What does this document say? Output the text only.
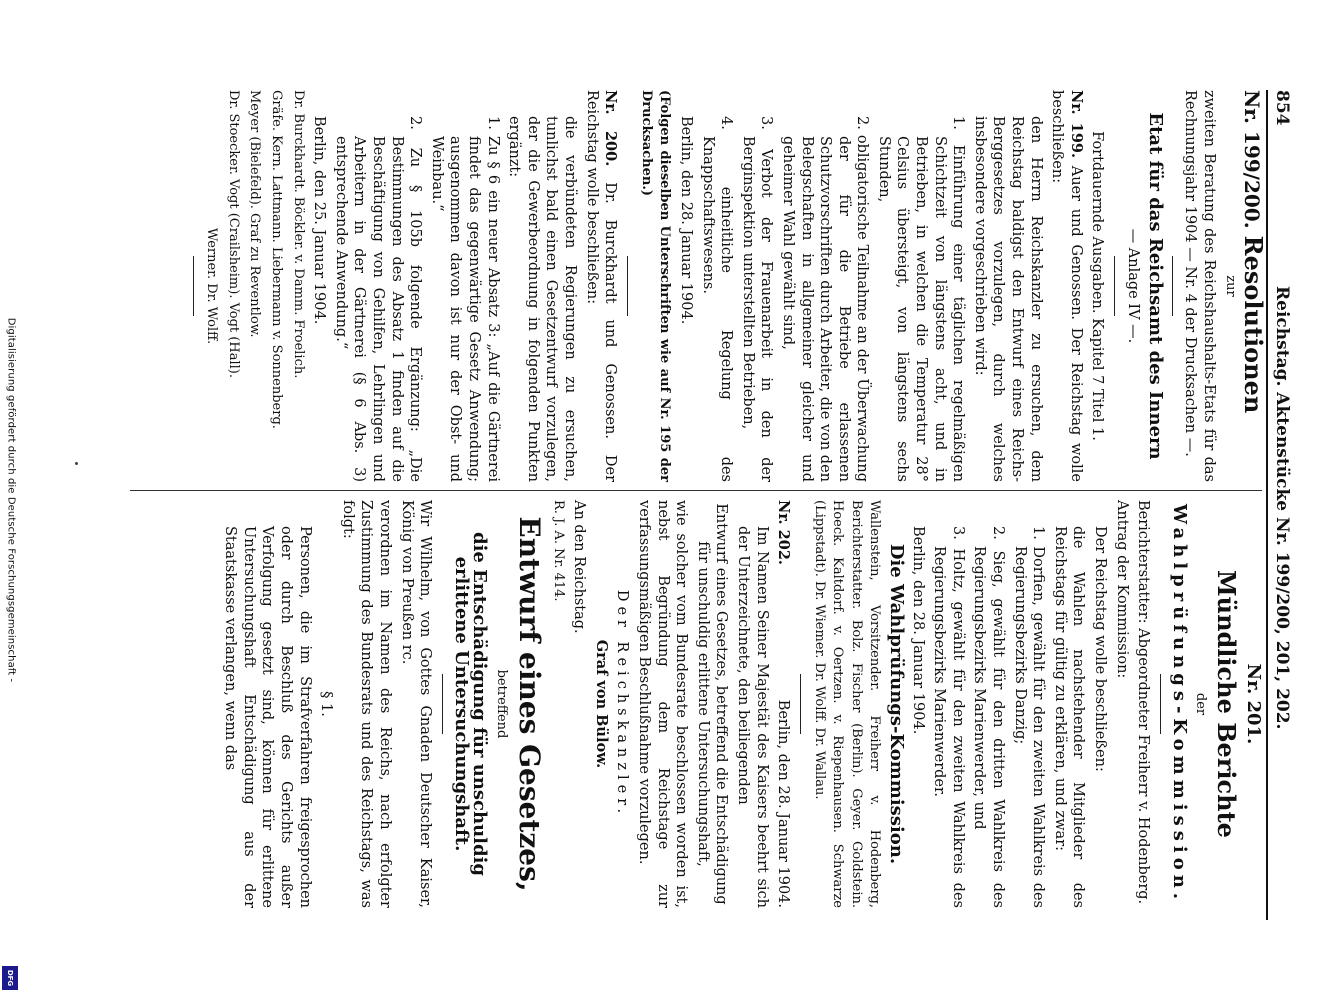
Digitalisierung gefördert durch die Deutsche Forschungsgemeinschaft -
DFG
854
Reichstag. Aktenstücke Nr. 199/200, 201, 202.

Nr. 199/200. Resolutionen

zur

zweiten Beratung des Reichshaushalts-Etats für das Rechnungsjahr 1904 — Nr. 4 der Drucksachen —.

Etat für das Reichsamt des Innern

— Anlage IV —.

Fortdauernde Ausgaben. Kapitel 7 Titel 1.

Nr. 199. Auer und Genossen. Der Reichstag wolle beschließen:

den Herrn Reichskanzler zu ersuchen, dem Reichstag baldigst den Entwurf eines Reichs-Berggesetzes vorzulegen, durch welches insbesondere vorgeschrieben wird:

1. Einführung einer täglichen regelmäßigen Schichtzeit von längstens acht, und in Betrieben, in welchen die Temperatur 28° Celsius übersteigt, von längstens sechs Stunden,

2. obligatorische Teilnahme an der Überwachung der für die Betriebe erlassenen Schutzvorschriften durch Arbeiter, die von den Belegschaften in allgemeiner gleicher und geheimer Wahl gewählt sind,

3. Verbot der Frauenarbeit in den der Berginspektion unterstellten Betrieben,

4. einheitliche Regelung des Knappschaftswesens.

Berlin, den 28. Januar 1904.

(Folgen dieselben Unterschriften wie auf Nr. 195 der Drucksachen.)

Nr. 200. Dr. Burckhardt und Genossen. Der Reichstag wolle beschließen:

die verbündeten Regierungen zu ersuchen, tunlichst bald einen Gesetzentwurf vorzulegen, der die Gewerbeordnung in folgenden Punkten ergänzt:

1. Zu § 6 ein neuer Absatz 3: „Auf die Gärtnerei findet das gegenwärtige Gesetz Anwendung; ausgenommen davon ist nur der Obst- und Weinbau.“

2. Zu § 105b folgende Ergänzung: „Die Bestimmungen des Absatz 1 finden auf die Beschäftigung von Gehilfen, Lehrlingen und Arbeitern in der Gärtnerei (§ 6 Abs. 3) entsprechende Anwendung.“

Berlin, den 25. Januar 1904.

Dr. Burckhardt. Böckler. v. Damm. Froelich.

Gräfe. Kern. Lattmann. Liebermann v. Sonnenberg.

Meyer (Bielefeld). Graf zu Reventlow.

Dr. Stoecker. Vogt (Crailsheim). Vogt (Hall).

Werner. Dr. Wolff.

Nr. 201.

Mündliche Berichte

der

Wahlprüfungs-Kommission.

Berichterstatter: Abgeordneter Freiherr v. Hodenberg.

Antrag der Kommission:

Der Reichstag wolle beschließen:

die Wahlen nachstehender Mitglieder des Reichstags für gültig zu erklären, und zwar:

1. Dorfien, gewählt für den zweiten Wahlkreis des Regierungsbezirks Danzig;

2. Sieg, gewählt für den dritten Wahlkreis des Regierungsbezirks Marienwerder, und

3. Holtz, gewählt für den zweiten Wahlkreis des Regierungsbezirks Marienwerder.

Berlin, den 28. Januar 1904.

Die Wahlprüfungs-Kommission.

Wallenstein, Vorsitzender. Freiherr v. Hodenberg, Berichterstatter. Bolz. Fischer (Berlin). Geyer. Goldstein. Hoeck. Kaltdorf. v. Oertzen. v. Riepenhausen. Schwarze (Lippstadt). Dr. Wiemer. Dr. Wolff. Dr. Wallau.

Nr. 202.
Berlin, den 28. Januar 1904.

Im Namen Seiner Majestät des Kaisers beehrt sich der Unterzeichnete, den beiliegenden

Entwurf eines Gesetzes, betreffend die Entschädigung für unschuldig erlittene Untersuchungshaft,

wie solcher vom Bundesrate beschlossen worden ist, nebst Begründung dem Reichstage zur verfassungsmäßigen Beschlußnahme vorzulegen.

Der Reichskanzler.

Graf von Bülow.

An den Reichstag.

R. J. A. Nr. 414.

Entwurf eines Gesetzes,

betreffend

die Entschädigung für unschuldig erlittene Untersuchungshaft.

Wir Wilhelm, von Gottes Gnaden Deutscher Kaiser, König von Preußen rc.

verordnen im Namen des Reichs, nach erfolgter Zustimmung des Bundesrats und des Reichstags, was folgt:

§ 1.

Personen, die im Strafverfahren freigesprochen oder durch Beschluß des Gerichts außer Verfolgung gesetzt sind, können für erlittene Untersuchungshaft Entschädigung aus der Staatskasse verlangen, wenn das
